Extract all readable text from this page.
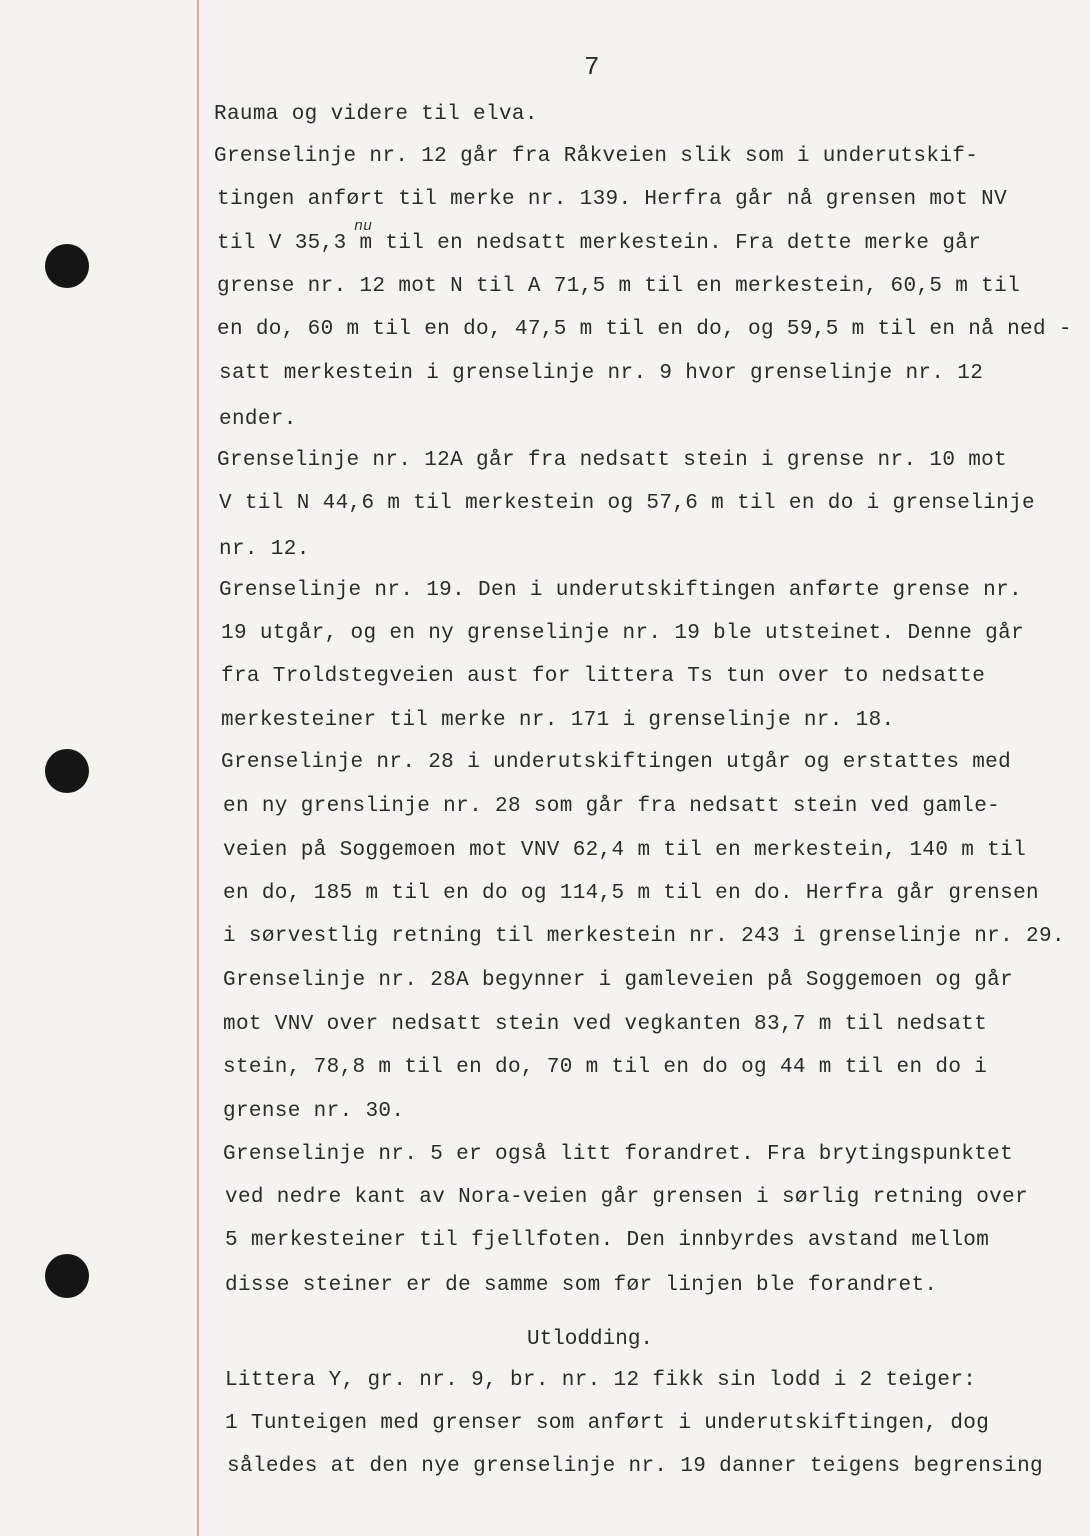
7
nu
Utlodding.
Rauma og videre til elva.
Grenselinje nr. 12 går fra Råkveien slik som i underutskif-
tingen anført til merke nr. 139. Herfra går nå grensen mot NV
til V 35,3 m til en nedsatt merkestein. Fra dette merke går
grense nr. 12 mot N til A 71,5 m til en merkestein, 60,5 m til
en do, 60 m til en do, 47,5 m til en do, og 59,5 m til en nå ned -
satt merkestein i grenselinje nr. 9 hvor grenselinje nr. 12
ender.
Grenselinje nr. 12A går fra nedsatt stein i grense nr. 10 mot
V til N 44,6 m til merkestein og 57,6 m til en do i grenselinje
nr. 12.
Grenselinje nr. 19. Den i underutskiftingen anførte grense nr.
19 utgår, og en ny grenselinje nr. 19 ble utsteinet. Denne går
fra Troldstegveien aust for littera Ts tun over to nedsatte
merkesteiner til merke nr. 171 i grenselinje nr. 18.
Grenselinje nr. 28 i underutskiftingen utgår og erstattes med
en ny grenslinje nr. 28 som går fra nedsatt stein ved gamle-
veien på Soggemoen mot VNV 62,4 m til en merkestein, 140 m til
en do, 185 m til en do og 114,5 m til en do. Herfra går grensen
i sørvestlig retning til merkestein nr. 243 i grenselinje nr. 29.
Grenselinje nr. 28A begynner i gamleveien på Soggemoen og går
mot VNV over nedsatt stein ved vegkanten 83,7 m til nedsatt
stein, 78,8 m til en do, 70 m til en do og 44 m til en do i
grense nr. 30.
Grenselinje nr. 5 er også litt forandret. Fra brytingspunktet
ved nedre kant av Nora-veien går grensen i sørlig retning over
5 merkesteiner til fjellfoten. Den innbyrdes avstand mellom
disse steiner er de samme som før linjen ble forandret.
Littera Y, gr. nr. 9, br. nr. 12 fikk sin lodd i 2 teiger:
1 Tunteigen med grenser som anført i underutskiftingen, dog
således at den nye grenselinje nr. 19 danner teigens begrensing
